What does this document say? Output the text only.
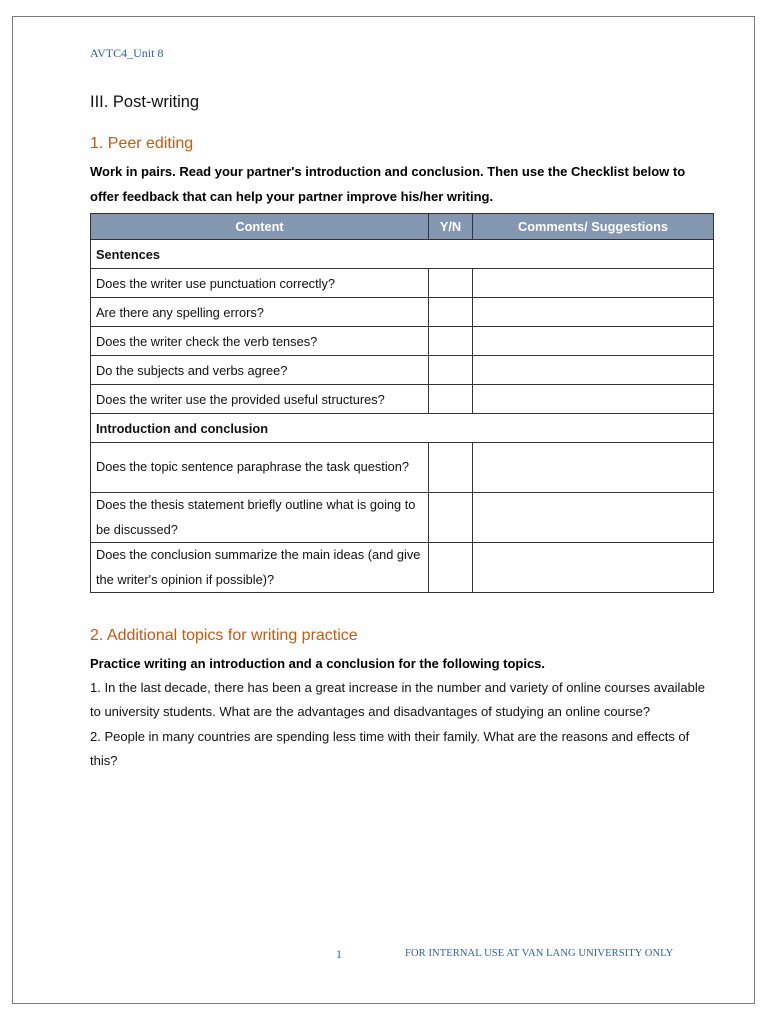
AVTC4_Unit 8
III. Post-writing
1. Peer editing
Work in pairs. Read your partner's introduction and conclusion. Then use the Checklist below to offer feedback that can help your partner improve his/her writing.
Content	Y/N	Comments/ Suggestions
Sentences		
Does the writer use punctuation correctly?		
Are there any spelling errors?		
Does the writer check the verb tenses?		
Do the subjects and verbs agree?		
Does the writer use the provided useful structures?		
Introduction and conclusion		
Does the topic sentence paraphrase the task question?		
Does the thesis statement briefly outline what is going to be discussed?		
Does the conclusion summarize the main ideas (and give the writer's opinion if possible)?		
2. Additional topics for writing practice
Practice writing an introduction and a conclusion for the following topics.
1. In the last decade, there has been a great increase in the number and variety of online courses available to university students. What are the advantages and disadvantages of studying an online course?
2. People in many countries are spending less time with their family. What are the reasons and effects of this?
1	FOR INTERNAL USE AT VAN LANG UNIVERSITY ONLY
